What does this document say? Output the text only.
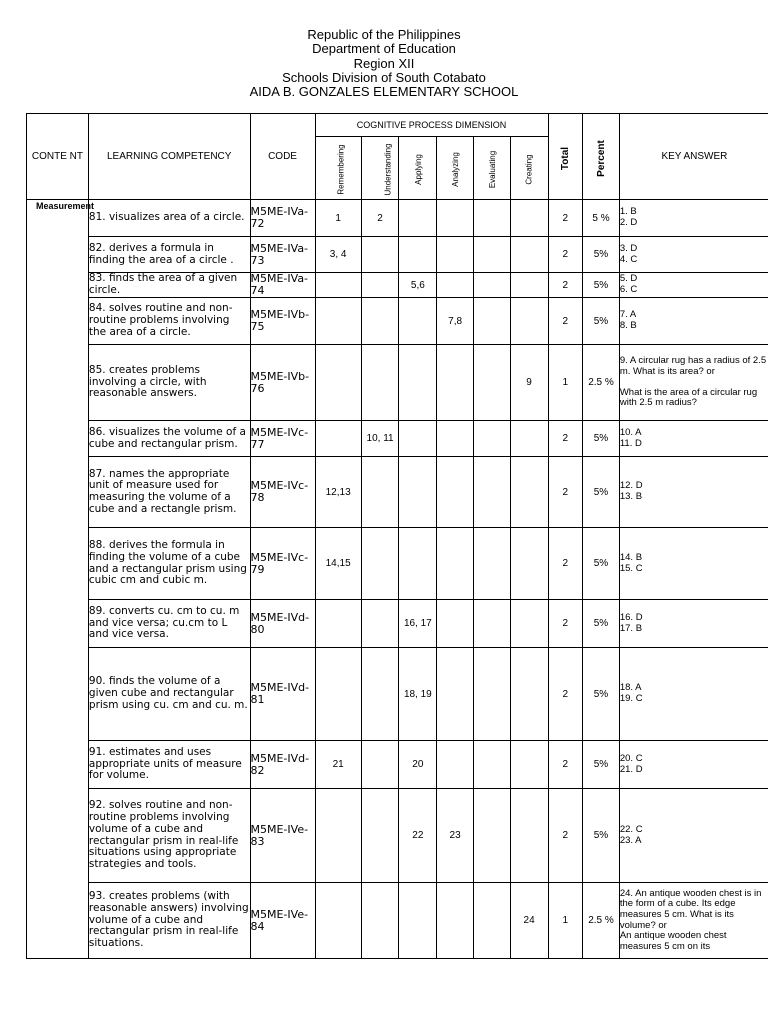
Republic of the Philippines
Department of Education
Region XII
Schools Division of South Cotabato
AIDA B. GONZALES ELEMENTARY SCHOOL
CONTE NT	LEARNING COMPETENCY	CODE	COGNITIVE PROCESS DIMENSION						Total	Percent	KEY ANSWER
			Remembering	Understanding	Applying	Analyzing	Evaluating	Creating			

Measurement	81. visualizes area of a circle.	M5ME-IVa-72	1	2					2	5 %	1. B
2. D
	82. derives a formula in finding the area of a circle .	M5ME-IVa-73	3, 4						2	5%	3. D
4. C
	83. finds the area of a given circle.	M5ME-IVa-74			5,6				2	5%	5. D
6. C
	84. solves routine and non-routine problems involving the area of a circle.	M5ME-IVb-75				7,8			2	5%	7. A
8. B
	85. creates problems involving a circle, with reasonable answers.	M5ME-IVb-76						9	1	2.5 %	9. A circular rug has a radius of 2.5 m. What is its area? or

What is the area of a circular rug with 2.5 m radius?
	86. visualizes the volume of a cube and rectangular prism.	M5ME-IVc-77		10, 11					2	5%	10. A
11. D
	87. names the appropriate unit of measure used for measuring the volume of a cube and a rectangle prism.	M5ME-IVc-78	12,13						2	5%	12. D
13. B
	88. derives the formula in finding the volume of a cube and a rectangular prism using cubic cm and cubic m.	M5ME-IVc-79	14,15						2	5%	14. B
15. C
	89. converts cu. cm to cu. m and vice versa; cu.cm to L and vice versa.	M5ME-IVd-80			16, 17				2	5%	16. D
17. B
	90. finds the volume of a given cube and rectangular prism using cu. cm and cu. m.	M5ME-IVd-81			18, 19				2	5%	18. A
19. C
	91. estimates and uses appropriate units of measure for volume.	M5ME-IVd-82	21		20				2	5%	20. C
21. D
	92. solves routine and non-routine problems involving volume of a cube and rectangular prism in real-life situations using appropriate strategies and tools.	M5ME-IVe-83			22	23			2	5%	22. C
23. A
	93. creates problems (with reasonable answers) involving volume of a cube and rectangular prism in real-life situations.	M5ME-IVe-84						24	1	2.5 %	24. An antique wooden chest is in the form of a cube. Its edge measures 5 cm. What is its volume? or
An antique wooden chest measures 5 cm on its
